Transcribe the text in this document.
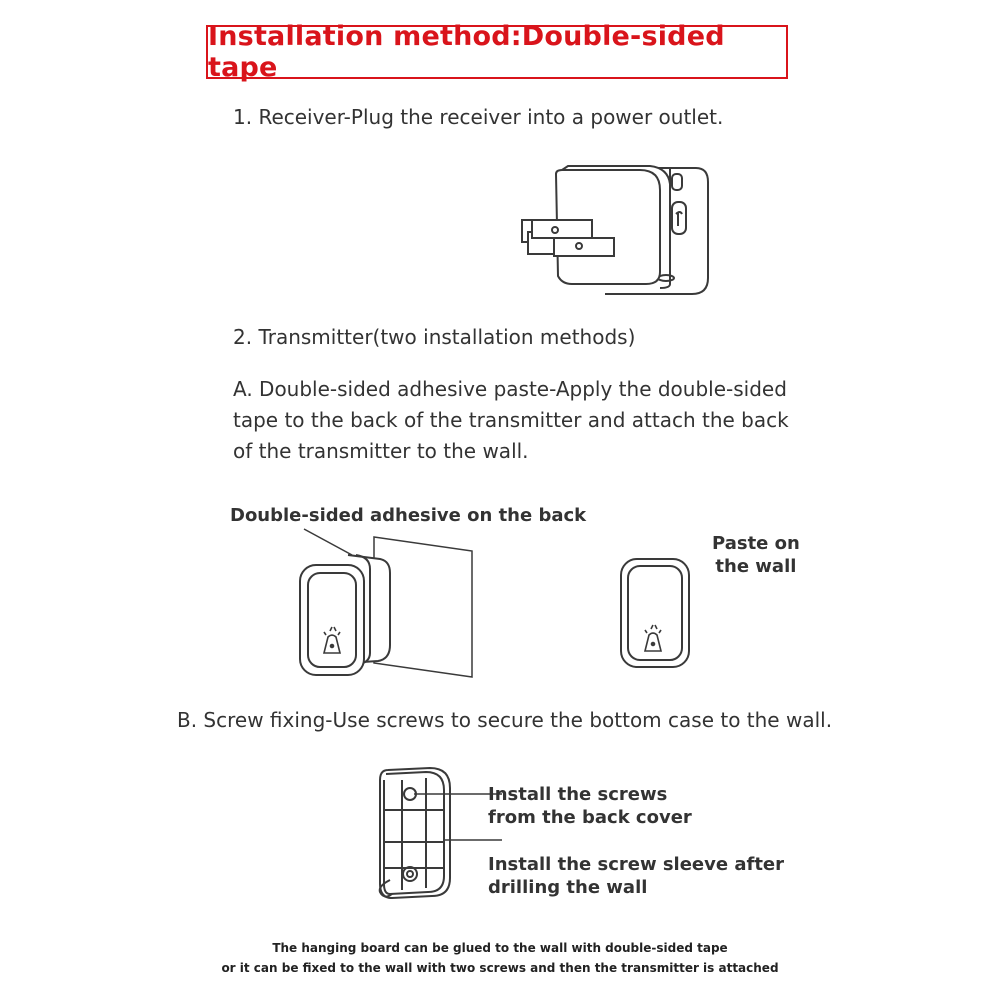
Installation method:Double-sided tape
1. Receiver-Plug the receiver into a power outlet.
2. Transmitter(two installation methods)
A. Double-sided adhesive paste-Apply the double-sided
tape to the back of the transmitter and attach the back
of the transmitter to the wall.
Double-sided adhesive on the back
Paste on
the wall
B. Screw fixing-Use screws to secure the bottom case to the wall.
Install the screws
from the back cover
Install the screw sleeve after
drilling the wall
The hanging board can be glued to the wall with double-sided tape
or it can be fixed to the wall with two screws and then the transmitter is attached
